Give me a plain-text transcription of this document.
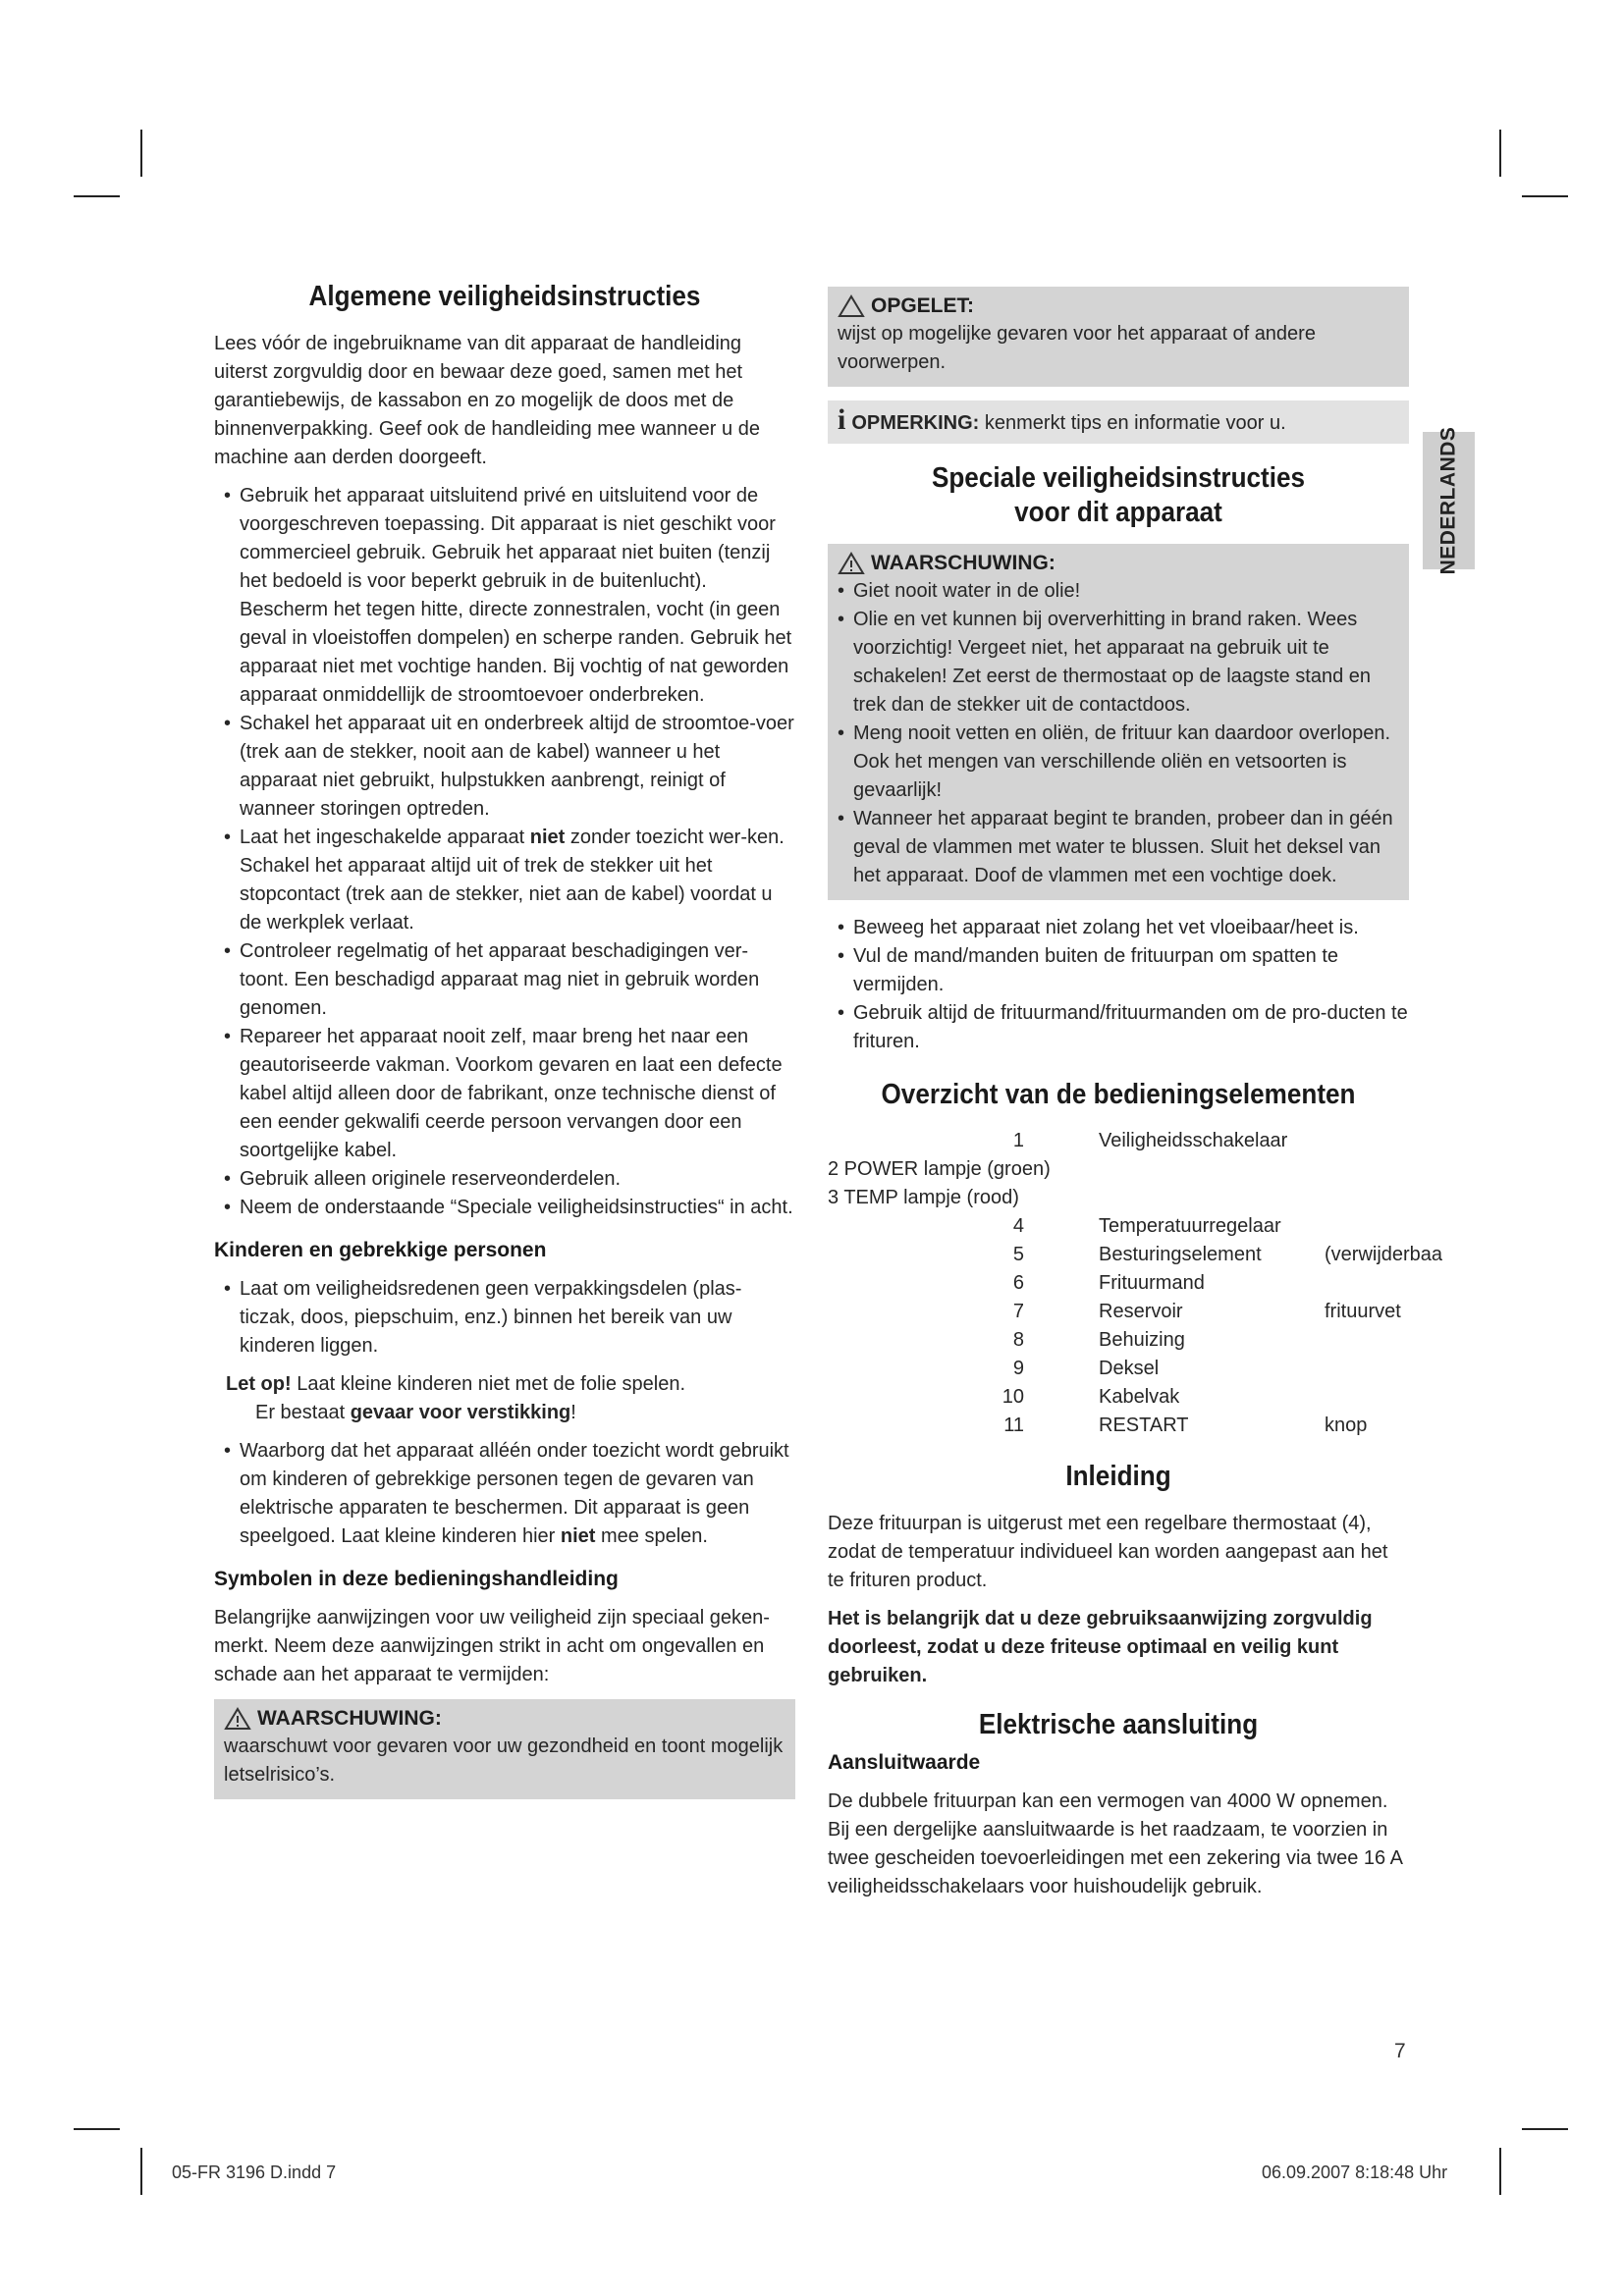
Algemene veiligheidsinstructies

Lees vóór de ingebruikname van dit apparaat de handleiding uiterst zorgvuldig door en bewaar deze goed, samen met het garantiebewijs, de kassabon en zo mogelijk de doos met de binnenverpakking. Geef ook de handleiding mee wanneer u de machine aan derden doorgeeft.

• Gebruik het apparaat uitsluitend privé en uitsluitend voor de voorgeschreven toepassing. Dit apparaat is niet geschikt voor commercieel gebruik. Gebruik het apparaat niet buiten (tenzij het bedoeld is voor beperkt gebruik in de buitenlucht). Bescherm het tegen hitte, directe zonnestralen, vocht (in geen geval in vloeistoffen dompelen) en scherpe randen. Gebruik het apparaat niet met vochtige handen. Bij vochtig of nat geworden apparaat onmiddellijk de stroomtoevoer onderbreken.
• Schakel het apparaat uit en onderbreek altijd de stroomtoe-voer (trek aan de stekker, nooit aan de kabel) wanneer u het apparaat niet gebruikt, hulpstukken aanbrengt, reinigt of wanneer storingen optreden.
• Laat het ingeschakelde apparaat niet zonder toezicht wer-ken. Schakel het apparaat altijd uit of trek de stekker uit het stopcontact (trek aan de stekker, niet aan de kabel) voordat u de werkplek verlaat.
• Controleer regelmatig of het apparaat beschadigingen ver-toont. Een beschadigd apparaat mag niet in gebruik worden genomen.
• Repareer het apparaat nooit zelf, maar breng het naar een geautoriseerde vakman. Voorkom gevaren en laat een defecte kabel altijd alleen door de fabrikant, onze technische dienst of een eender gekwalifi ceerde persoon vervangen door een soortgelijke kabel.
• Gebruik alleen originele reserveonderdelen.
• Neem de onderstaande “Speciale veiligheidsinstructies“ in acht.
Kinderen en gebrekkige personen
• Laat om veiligheidsredenen geen verpakkingsdelen (plas-ticzak, doos, piepschuim, enz.) binnen het bereik van uw kinderen liggen.

Let op! Laat kleine kinderen niet met de folie spelen.

Er bestaat gevaar voor verstikking!

• Waarborg dat het apparaat alléén onder toezicht wordt gebruikt om kinderen of gebrekkige personen tegen de gevaren van elektrische apparaten te beschermen. Dit apparaat is geen speelgoed. Laat kleine kinderen hier niet mee spelen.
Symbolen in deze bedieningshandleiding

Belangrijke aanwijzingen voor uw veiligheid zijn speciaal geken-merkt. Neem deze aanwijzingen strikt in acht om ongevallen en schade aan het apparaat te vermijden:

WAARSCHUWING:

waarschuwt voor gevaren voor uw gezondheid en toont mogelijk letselrisico’s.

OPGELET:

wijst op mogelijke gevaren voor het apparaat of andere voorwerpen.

iOPMERKING: kenmerkt tips en informatie voor u.

Speciale veiligheidsinstructies
voor dit apparaat
WAARSCHUWING:
• Giet nooit water in de olie!
• Olie en vet kunnen bij oververhitting in brand raken. Wees voorzichtig! Vergeet niet, het apparaat na gebruik uit te schakelen! Zet eerst de thermostaat op de laagste stand en trek dan de stekker uit de contactdoos.
• Meng nooit vetten en oliën, de frituur kan daardoor overlopen. Ook het mengen van verschillende oliën en vetsoorten is gevaarlijk!
• Wanneer het apparaat begint te branden, probeer dan in géén geval de vlammen met water te blussen. Sluit het deksel van het apparaat. Doof de vlammen met een vochtige doek.
• Beweeg het apparaat niet zolang het vet vloeibaar/heet is.
• Vul de mand/manden buiten de frituurpan om spatten te vermijden.
• Gebruik altijd de frituurmand/frituurmanden om de pro-ducten te frituren.
Overzicht van de bedieningselementen
1	Veiligheidsschakelaar	
2 POWER lampje (groen)		
3 TEMP lampje (rood)		
4	Temperatuurregelaar	
5	Besturingselement	(verwijderbaa
6	Frituurmand	
7	Reservoir	frituurvet
8	Behuizing	
9	Deksel	
10	Kabelvak	
11	RESTART	knop
Inleiding

Deze frituurpan is uitgerust met een regelbare thermostaat (4), zodat de temperatuur individueel kan worden aangepast aan het te frituren product.

Het is belangrijk dat u deze gebruiksaanwijzing zorgvuldig doorleest, zodat u deze friteuse optimaal en veilig kunt gebruiken.

Elektrische aansluiting
Aansluitwaarde

De dubbele frituurpan kan een vermogen van 4000 W opnemen. Bij een dergelijke aansluitwaarde is het raadzaam, te voorzien in twee gescheiden toevoerleidingen met een zekering via twee 16 A veiligheidsschakelaars voor huishoudelijk gebruik.

NEDERLANDS
7
05-FR 3196 D.indd 7	06.09.2007 8:18:48 Uhr
